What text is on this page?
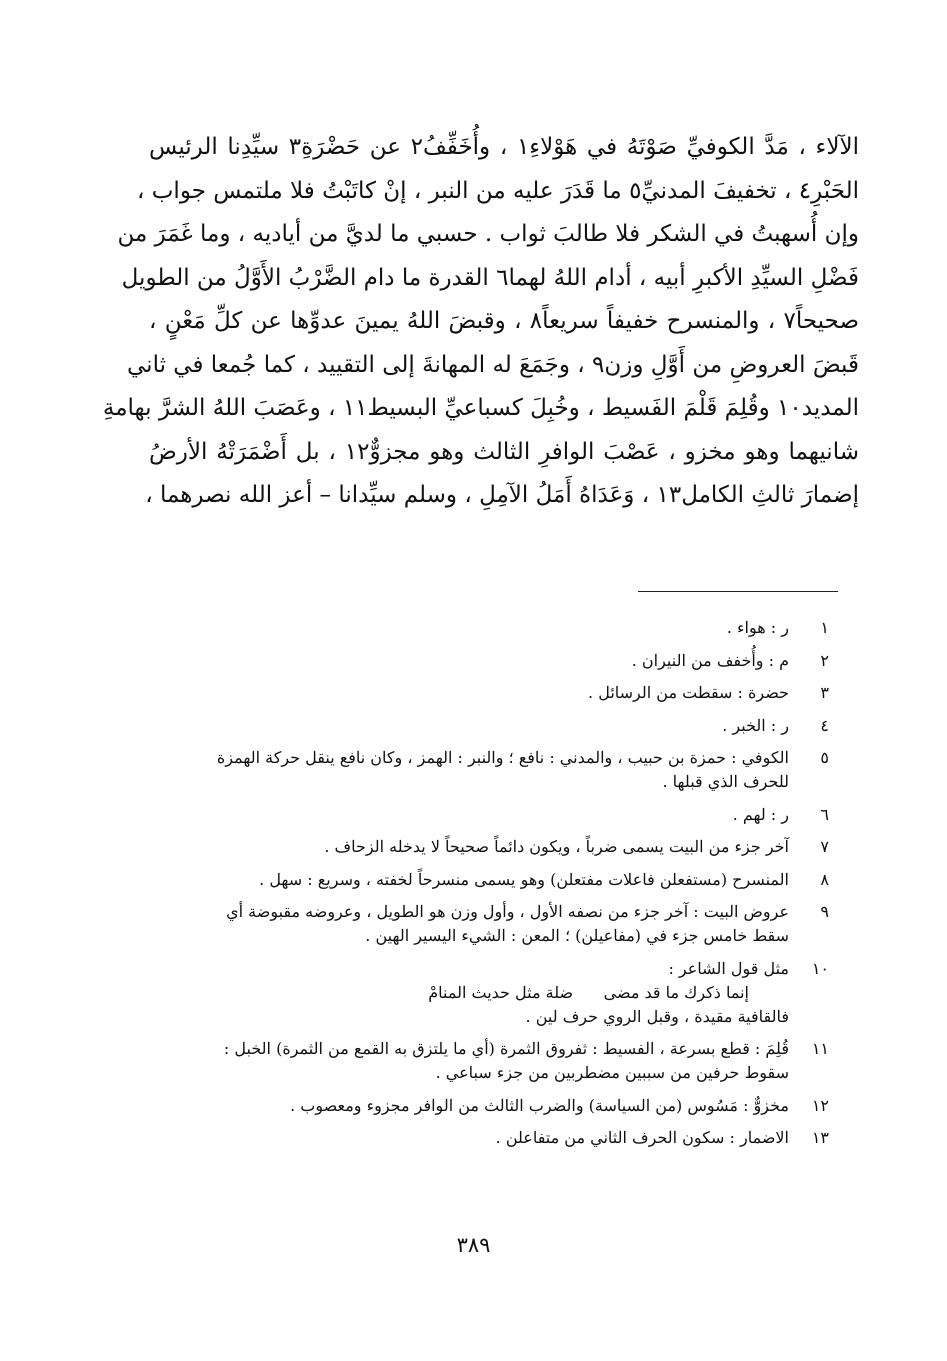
الآلاء ، مَدَّ الكوفيِّ صَوْتَهُ في هَوْلاءِ١ ، وأُخَفِّفُ٢ عن حَضْرَةِ٣ سيِّدِنا الرئيس
الحَبْرِ٤ ، تخفيفَ المدنيِّ٥ ما قَدَرَ عليه من النبر ، إنْ كاتَبْتُ فلا ملتمس جواب ،
وإن أُسهبتُ في الشكر فلا طالبَ ثواب . حسبي ما لديَّ من أياديه ، وما غَمَرَ من
فَضْلِ السيِّدِ الأكبرِ أبيه ، أدام اللهُ لهما٦ القدرة ما دام الضَّرْبُ الأَوَّلُ من الطويل
صحيحاً٧ ، والمنسرح خفيفاً سريعاً٨ ، وقبضَ اللهُ يمينَ عدوِّها عن كلِّ مَعْنٍ ،
قَبضَ العروضِ من أَوَّلِ وزن٩ ، وجَمَعَ له المهانةَ إلى التقييد ، كما جُمعا في ثاني
المديد١٠ وقُلِمَ قَلْمَ الفَسيط ، وخُبِلَ كسباعيِّ البسيط١١ ، وعَصَبَ اللهُ الشرَّ بهامةِ
شانيهما وهو مخزو ، عَصْبَ الوافرِ الثالث وهو مجزوٌّ١٢ ، بل أَضْمَرَتْهُ الأرضُ
إضمارَ ثالثِ الكامل١٣ ، وَعَدَاهُ أَمَلُ الآمِلِ ، وسلم سيِّدانا – أعز الله نصرهما ،
١
ر : هواء .
٢
م : وأُخفف من النيران .
٣
حضرة : سقطت من الرسائل .
٤
ر : الخبر .
٥
الكوفي : حمزة بن حبيب ، والمدني : نافع ؛ والنبر : الهمز ، وكان نافع ينقل حركة الهمزة
للحرف الذي قبلها .
٦
ر : لهم .
٧
آخر جزء من البيت يسمى ضرباً ، ويكون دائماً صحيحاً لا يدخله الزحاف .
٨
المنسرح (مستفعلن فاعلات مفتعلن) وهو يسمى منسرحاً لخفته ، وسريع : سهل .
٩
عروض البيت : آخر جزء من نصفه الأول ، وأول وزن هو الطويل ، وعروضه مقبوضة أي
سقط خامس جزء في (مفاعيلن) ؛ المعن : الشيء اليسير الهين .
١٠
مثل قول الشاعر :
إنما ذكرك ما قد مضى      ضلة مثل حديث المنامْ
فالقافية مقيدة ، وقبل الروي حرف لين .
١١
قُلِمَ : قطع بسرعة ، الفسيط : ثفروق الثمرة (أي ما يلتزق به القمع من الثمرة) الخبل :
سقوط حرفين من سببين مضطربين من جزء سباعي .
١٢
مخزوٌّ : مَسُوس (من السياسة) والضرب الثالث من الوافر مجزوء ومعصوب .
١٣
الاضمار : سكون الحرف الثاني من متفاعلن .
٣٨٩
